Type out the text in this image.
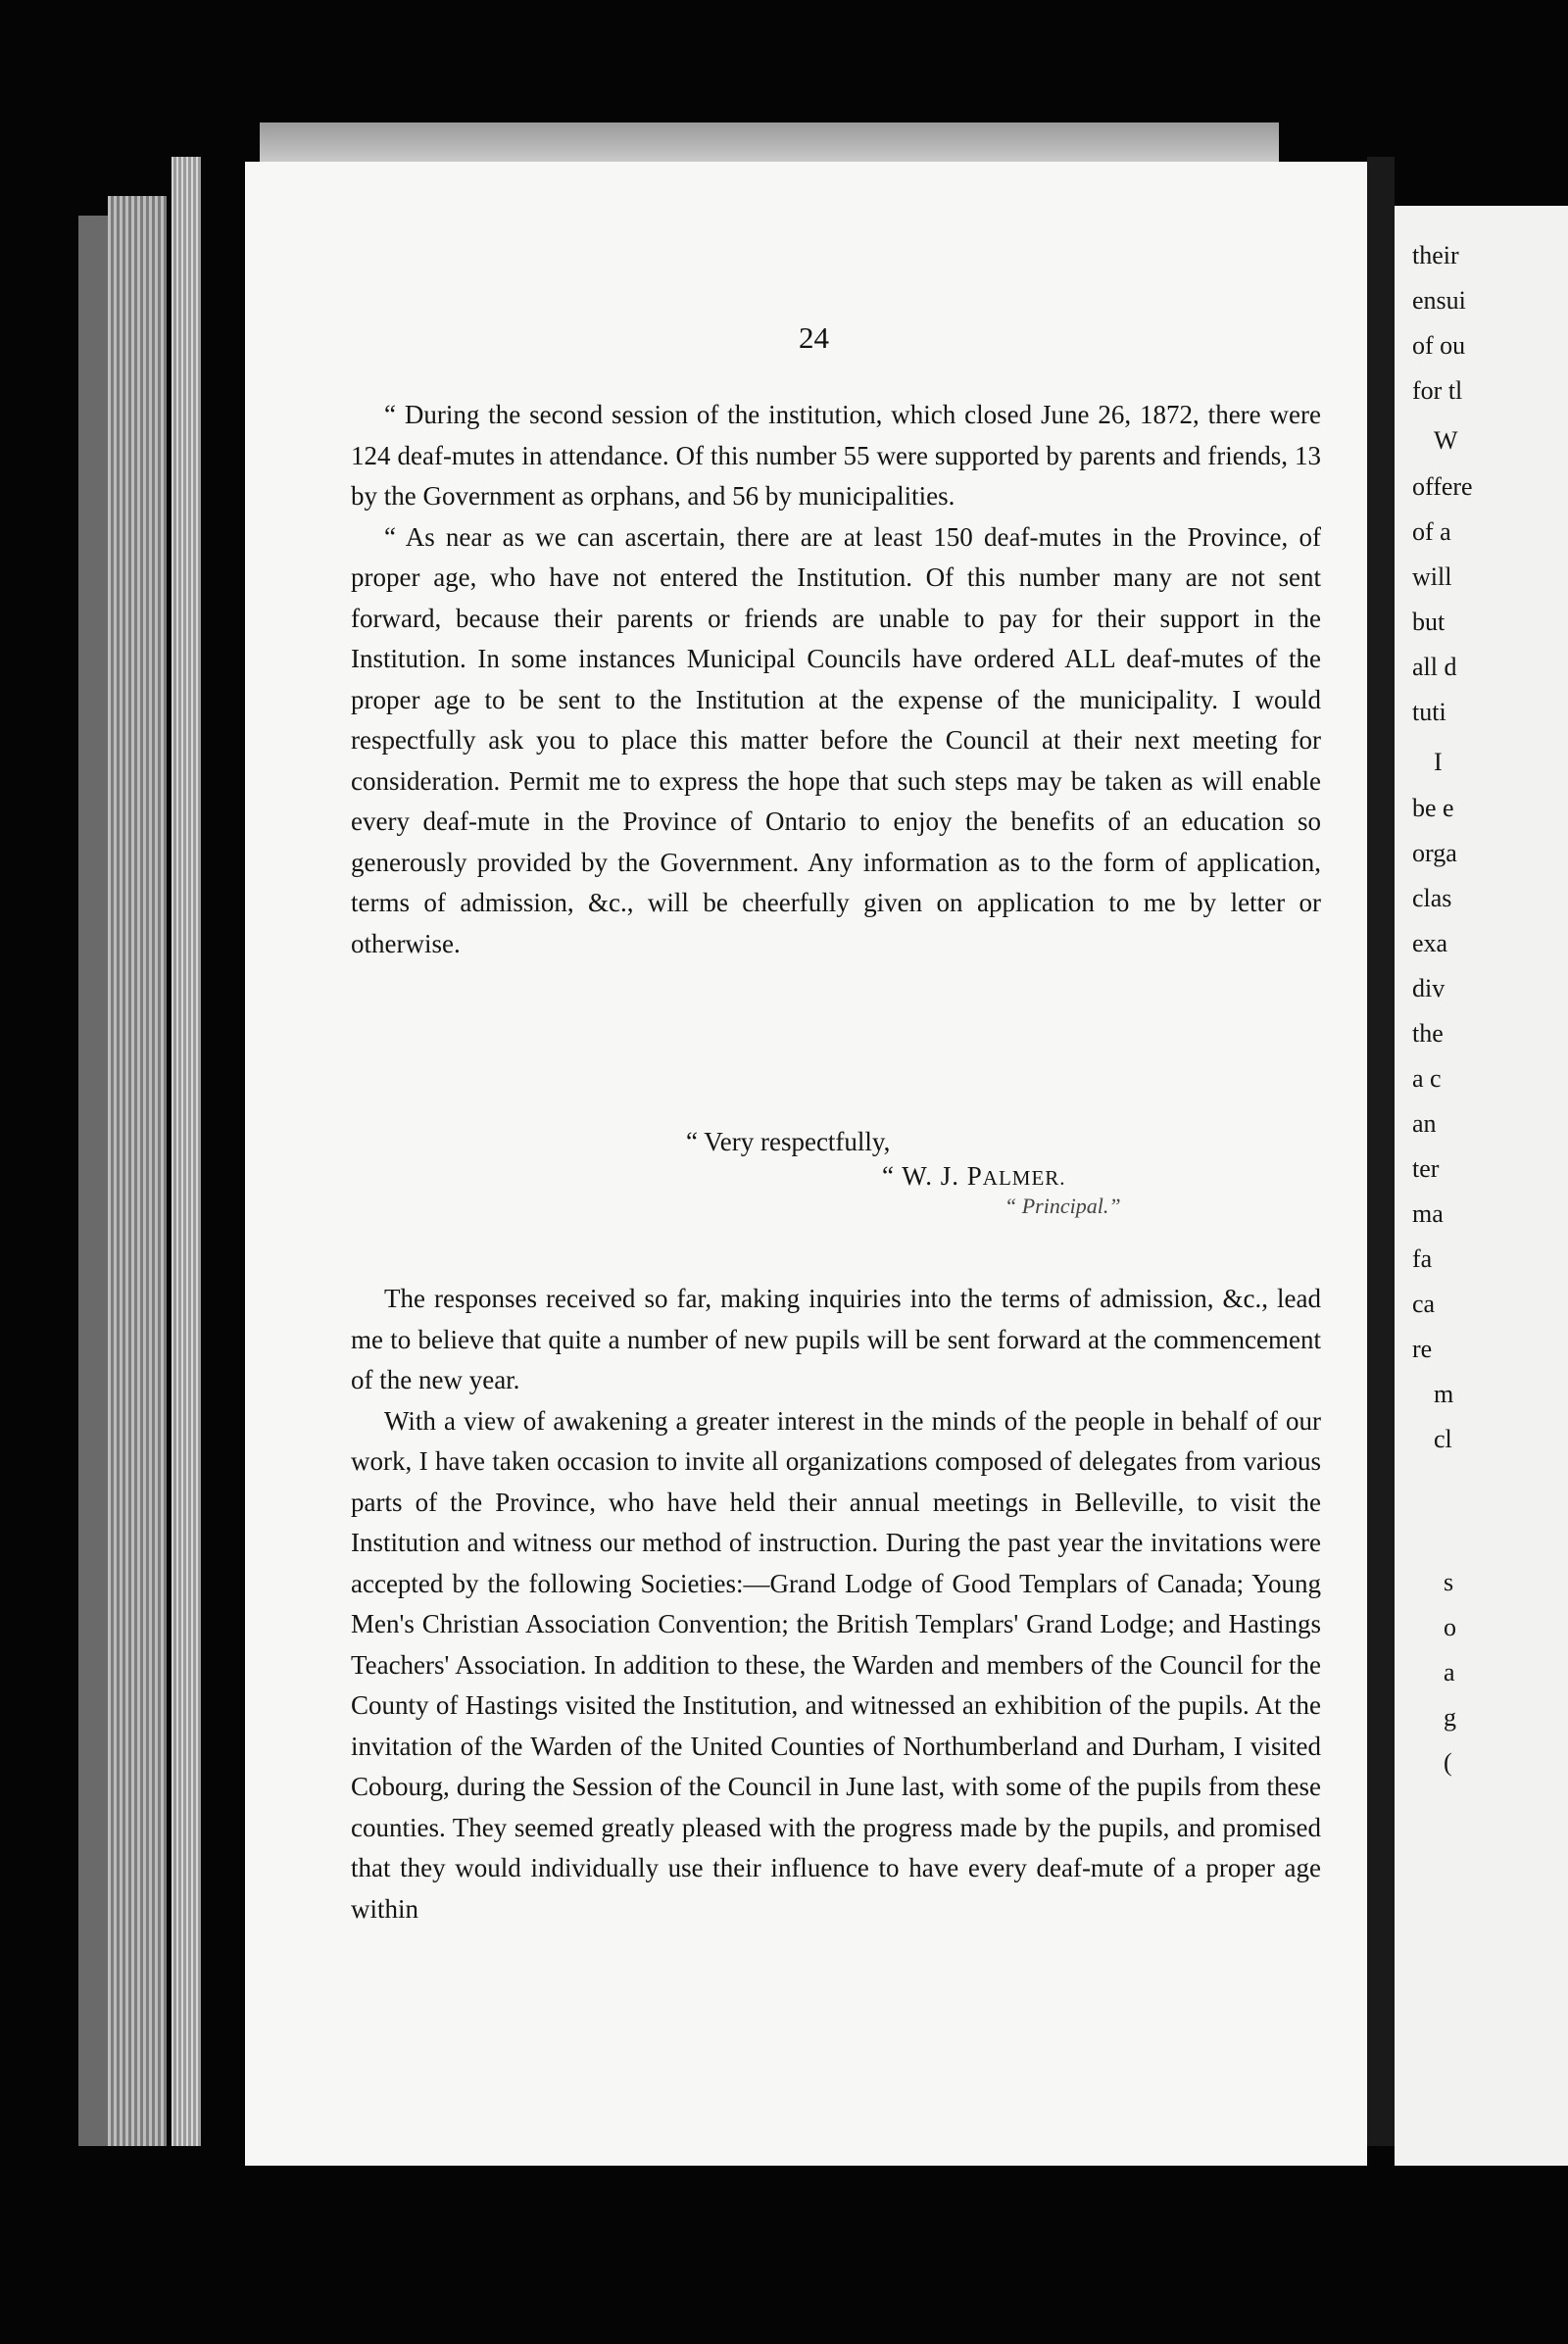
24

“ During the second session of the institution, which closed June 26, 1872, there were 124 deaf-mutes in attendance. Of this number 55 were supported by parents and friends, 13 by the Government as orphans, and 56 by municipalities.

“ As near as we can ascertain, there are at least 150 deaf-mutes in the Province, of proper age, who have not entered the Institution. Of this number many are not sent forward, because their parents or friends are unable to pay for their support in the Institution. In some instances Municipal Councils have ordered ALL deaf-mutes of the proper age to be sent to the Institution at the expense of the municipality. I would respectfully ask you to place this matter before the Council at their next meeting for consideration. Permit me to express the hope that such steps may be taken as will enable every deaf-mute in the Province of Ontario to enjoy the benefits of an education so generously provided by the Government. Any information as to the form of application, terms of admission, &c., will be cheerfully given on application to me by letter or otherwise.

“ Very respectfully,
“ W. J. PALMER.
“ Principal.”

The responses received so far, making inquiries into the terms of admission, &c., lead me to believe that quite a number of new pupils will be sent forward at the commencement of the new year.

With a view of awakening a greater interest in the minds of the people in behalf of our work, I have taken occasion to invite all organizations composed of delegates from various parts of the Province, who have held their annual meetings in Belleville, to visit the Institution and witness our method of instruction. During the past year the invitations were accepted by the following Societies:—Grand Lodge of Good Templars of Canada; Young Men's Christian Association Convention; the British Templars' Grand Lodge; and Hastings Teachers' Association. In addition to these, the Warden and members of the Council for the County of Hastings visited the Institution, and witnessed an exhibition of the pupils. At the invitation of the Warden of the United Counties of Northumberland and Durham, I visited Cobourg, during the Session of the Council in June last, with some of the pupils from these counties. They seemed greatly pleased with the progress made by the pupils, and promised that they would individually use their influence to have every deaf-mute of a proper age within

their
ensui
of ou
for tl
W
offere
of a
will
but
all d
tuti
I
be e
orga
clas
exa
div
the
a c
an
ter
ma
fa
ca
re
m
cl
s
o
a
g
(
